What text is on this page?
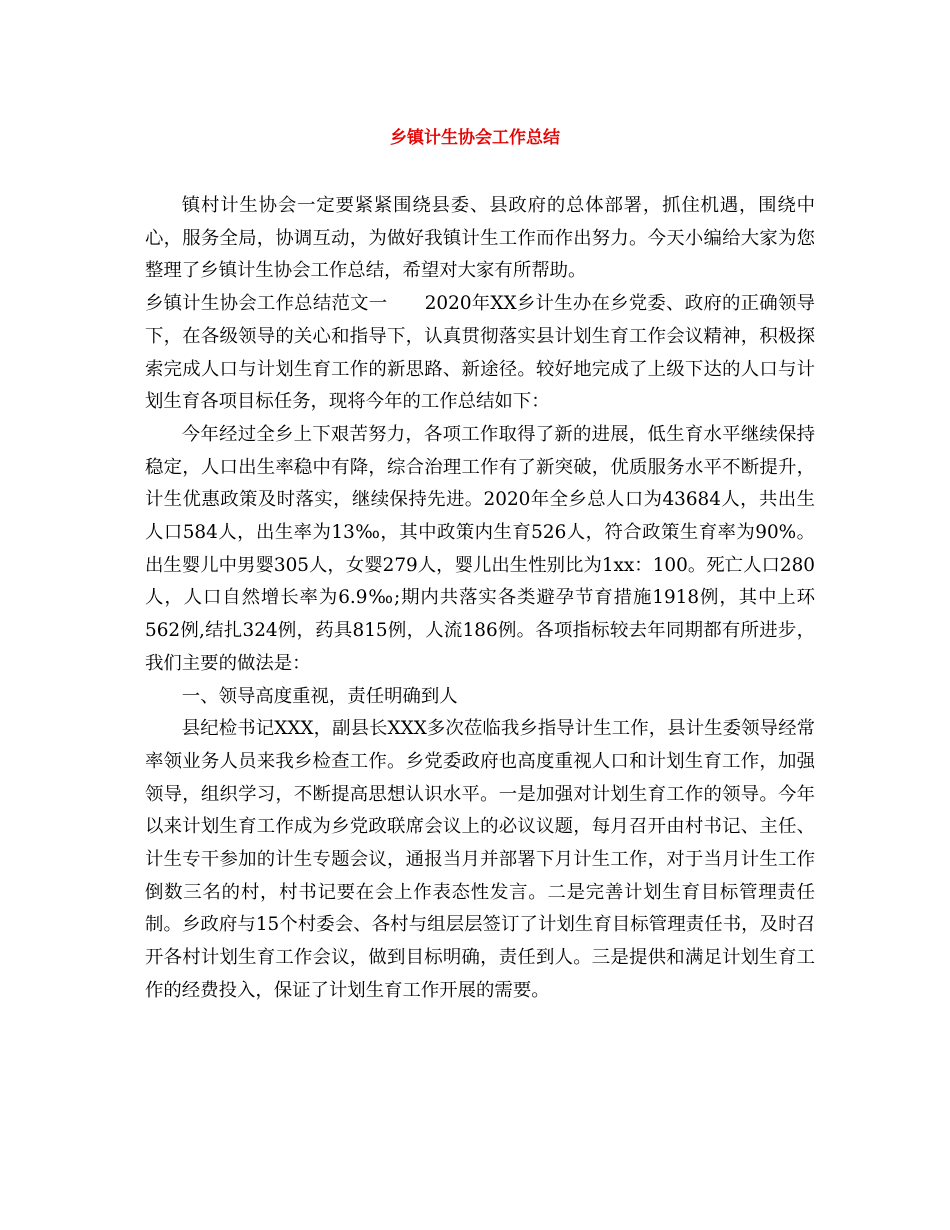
乡镇计生协会工作总结

镇村计生协会一定要紧紧围绕县委、县政府的总体部署，抓住机遇，围绕中心，服务全局，协调互动，为做好我镇计生工作而作出努力。今天小编给大家为您整理了乡镇计生协会工作总结，希望对大家有所帮助。

乡镇计生协会工作总结范文一　　2020年XX乡计生办在乡党委、政府的正确领导下，在各级领导的关心和指导下，认真贯彻落实县计划生育工作会议精神，积极探索完成人口与计划生育工作的新思路、新途径。较好地完成了上级下达的人口与计划生育各项目标任务，现将今年的工作总结如下：

今年经过全乡上下艰苦努力，各项工作取得了新的进展，低生育水平继续保持稳定，人口出生率稳中有降，综合治理工作有了新突破，优质服务水平不断提升，计生优惠政策及时落实，继续保持先进。2020年全乡总人口为43684人，共出生人口584人，出生率为13‰，其中政策内生育526人，符合政策生育率为90%。出生婴儿中男婴305人，女婴279人，婴儿出生性别比为1xx：100。死亡人口280人，人口自然增长率为6.9‰;期内共落实各类避孕节育措施1918例，其中上环562例,结扎324例，药具815例，人流186例。各项指标较去年同期都有所进步，我们主要的做法是：

一、领导高度重视，责任明确到人

县纪检书记XXX，副县长XXX多次莅临我乡指导计生工作，县计生委领导经常率领业务人员来我乡检查工作。乡党委政府也高度重视人口和计划生育工作，加强领导，组织学习，不断提高思想认识水平。一是加强对计划生育工作的领导。今年以来计划生育工作成为乡党政联席会议上的必议议题，每月召开由村书记、主任、计生专干参加的计生专题会议，通报当月并部署下月计生工作，对于当月计生工作倒数三名的村，村书记要在会上作表态性发言。二是完善计划生育目标管理责任制。乡政府与15个村委会、各村与组层层签订了计划生育目标管理责任书，及时召开各村计划生育工作会议，做到目标明确，责任到人。三是提供和满足计划生育工作的经费投入，保证了计划生育工作开展的需要。
